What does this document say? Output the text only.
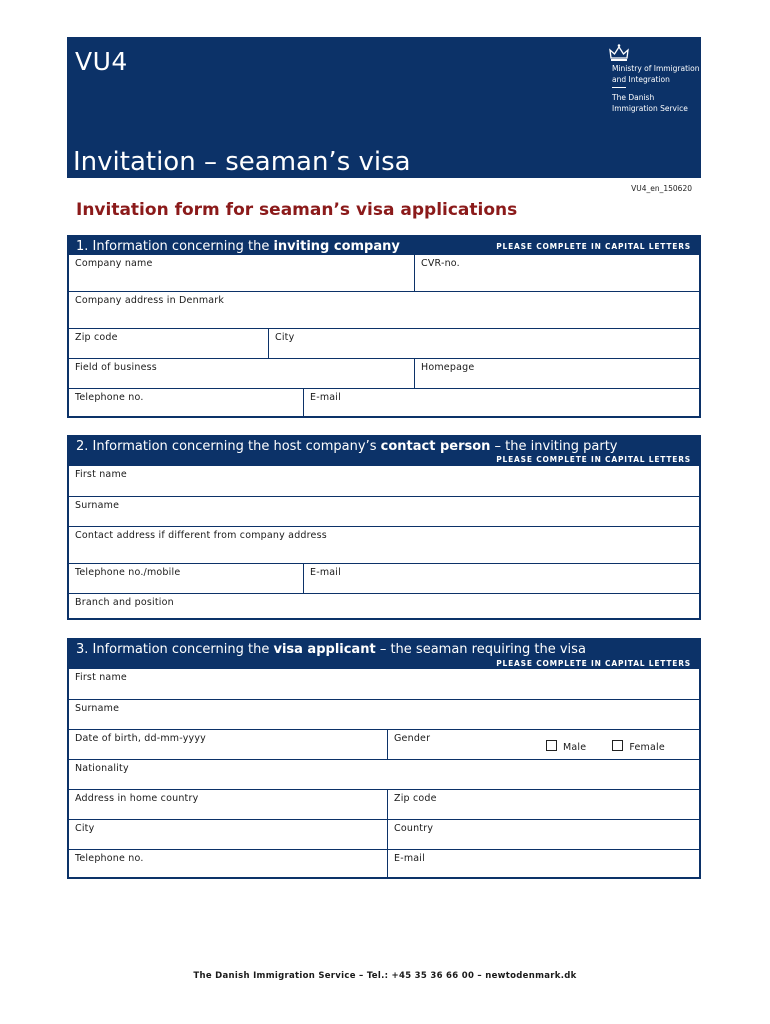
VU4	Ministry of Immigration and Integration
The Danish Immigration Service
Invitation – seaman’s visa
VU4_en_150620
Invitation form for seaman’s visa applications
1. Information concerning the inviting company	PLEASE COMPLETE IN CAPITAL LETTERS
Company name	CVR-no.
Company address in Denmark
Zip code	City
Field of business	Homepage
Telephone no.	E-mail
2. Information concerning the host company’s contact person – the inviting party
PLEASE COMPLETE IN CAPITAL LETTERS
First name
Surname
Contact address if different from company address
Telephone no./mobile	E-mail
Branch and position
3. Information concerning the visa applicant – the seaman requiring the visa
PLEASE COMPLETE IN CAPITAL LETTERS
First name
Surname
Date of birth, dd-mm-yyyy	Gender
Male	Female
Nationality
Address in home country	Zip code
City	Country
Telephone no.	E-mail
The Danish Immigration Service – Tel.: +45 35 36 66 00 – newtodenmark.dk
